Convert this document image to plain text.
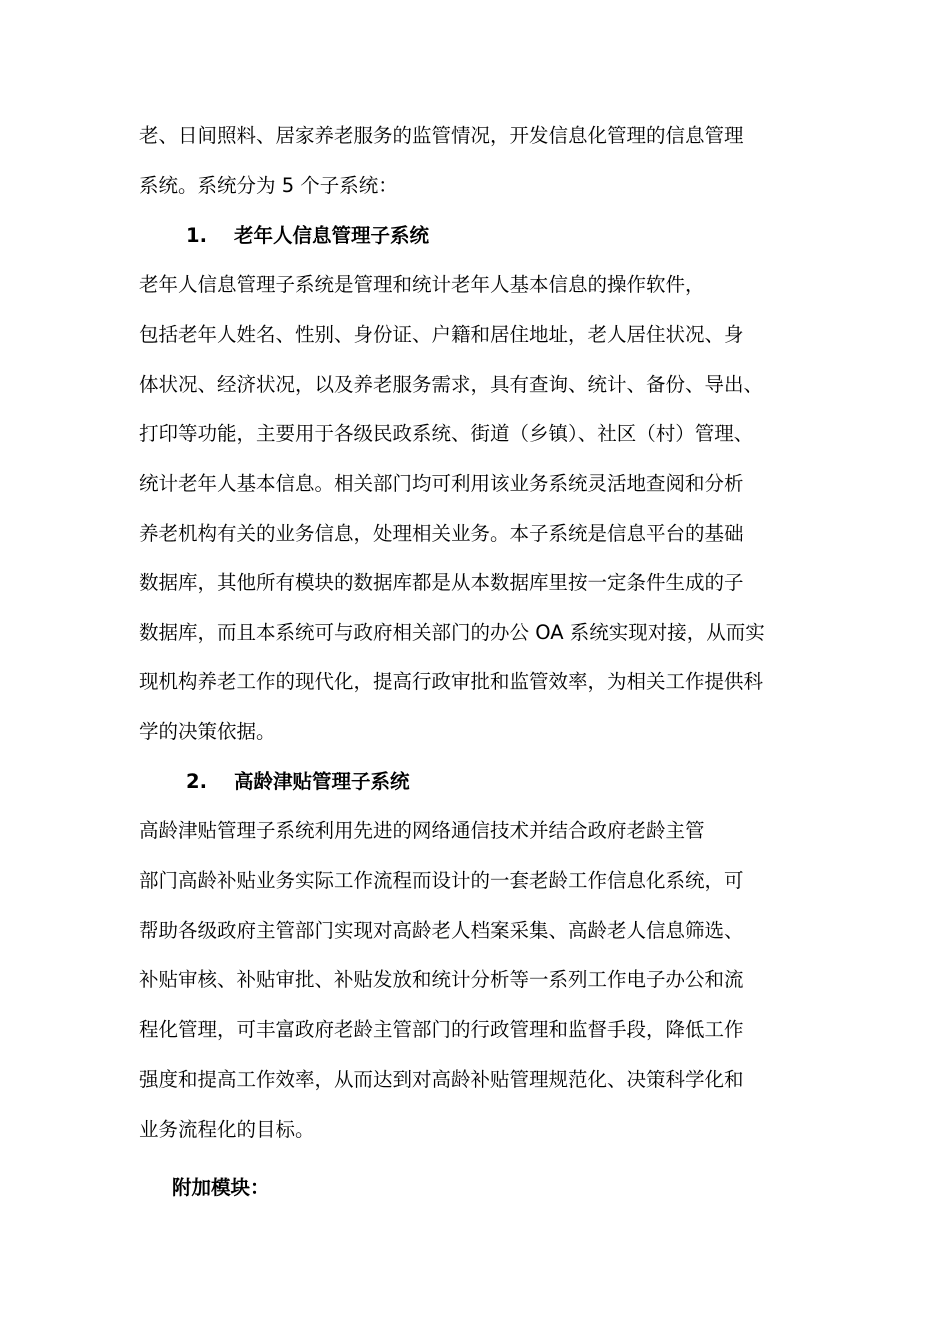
老、日间照料、居家养老服务的监管情况，开发信息化管理的信息管理
系统。系统分为 5 个子系统：
1. 老年人信息管理子系统
老年人信息管理子系统是管理和统计老年人基本信息的操作软件，
包括老年人姓名、性别、身份证、户籍和居住地址，老人居住状况、身
体状况、经济状况，以及养老服务需求，具有查询、统计、备份、导出、
打印等功能，主要用于各级民政系统、街道（乡镇）、社区（村）管理、
统计老年人基本信息。相关部门均可利用该业务系统灵活地查阅和分析
养老机构有关的业务信息，处理相关业务。本子系统是信息平台的基础
数据库，其他所有模块的数据库都是从本数据库里按一定条件生成的子
数据库，而且本系统可与政府相关部门的办公 OA 系统实现对接，从而实
现机构养老工作的现代化，提高行政审批和监管效率，为相关工作提供科
学的决策依据。
2. 高龄津贴管理子系统
高龄津贴管理子系统利用先进的网络通信技术并结合政府老龄主管
部门高龄补贴业务实际工作流程而设计的一套老龄工作信息化系统，可
帮助各级政府主管部门实现对高龄老人档案采集、高龄老人信息筛选、
补贴审核、补贴审批、补贴发放和统计分析等一系列工作电子办公和流
程化管理，可丰富政府老龄主管部门的行政管理和监督手段，降低工作
强度和提高工作效率，从而达到对高龄补贴管理规范化、决策科学化和
业务流程化的目标。
附加模块：
